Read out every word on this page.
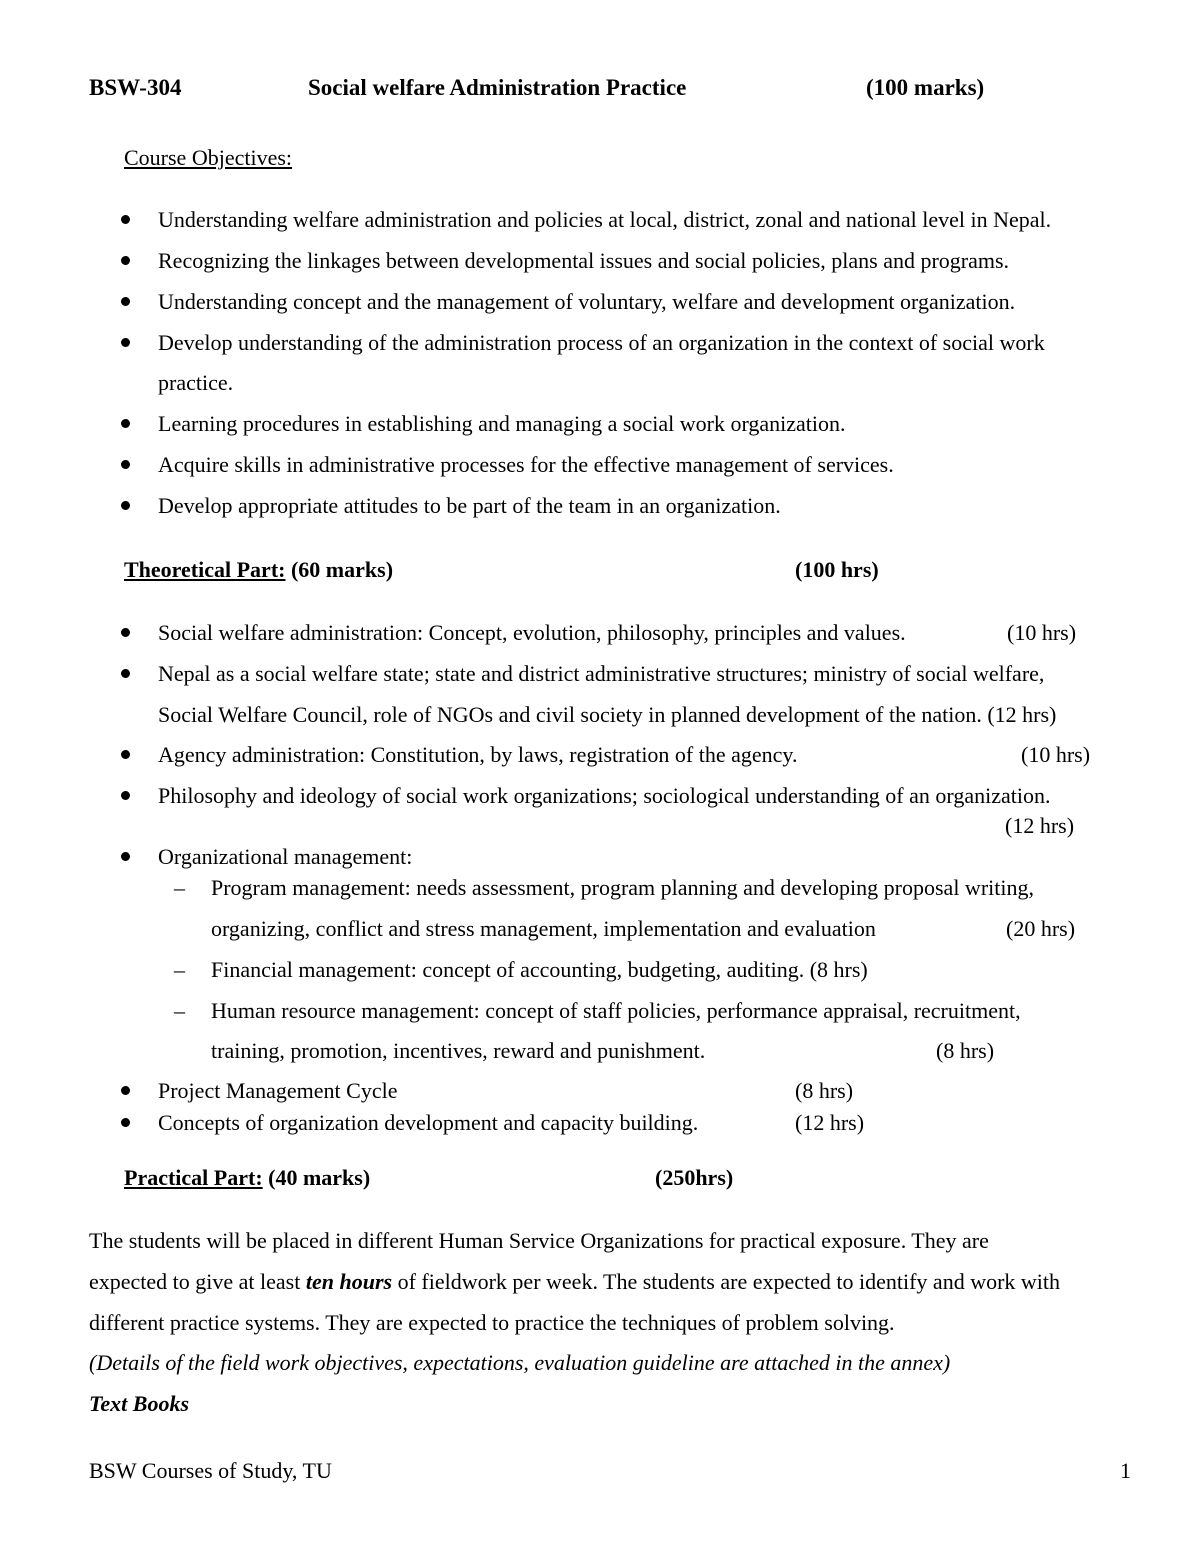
BSW-304	Social welfare Administration Practice	(100 marks)
Course Objectives:
Understanding welfare administration and policies at local, district, zonal and national level in Nepal.
Recognizing the linkages between developmental issues and social policies, plans and programs.
Understanding concept and the management of voluntary, welfare and development organization.
Develop understanding of the administration process of an organization in the context of social work
practice.
Learning procedures in establishing and managing a social work organization.
Acquire skills in administrative processes for the effective management of services.
Develop appropriate attitudes to be part of the team in an organization.
Theoretical Part: (60 marks)	(100 hrs)
Social welfare administration: Concept, evolution, philosophy, principles and values.	(10 hrs)
Nepal as a social welfare state; state and district administrative structures; ministry of social welfare,
Social Welfare Council, role of NGOs and civil society in planned development of the nation. (12 hrs)
Agency administration: Constitution, by laws, registration of the agency.	(10 hrs)
Philosophy and ideology of social work organizations; sociological understanding of an organization.
(12 hrs)
Organizational management:
– Program management: needs assessment, program planning and developing proposal writing,
organizing, conflict and stress management, implementation and evaluation	(20 hrs)
– Financial management: concept of accounting, budgeting, auditing. (8 hrs)
– Human resource management: concept of staff policies, performance appraisal, recruitment,
training, promotion, incentives, reward and punishment.	(8 hrs)
Project Management Cycle	(8 hrs)
Concepts of organization development and capacity building.	(12 hrs)
Practical Part: (40 marks)	(250hrs)
The students will be placed in different Human Service Organizations for practical exposure. They are
expected to give at least ten hours of fieldwork per week. The students are expected to identify and work with
different practice systems. They are expected to practice the techniques of problem solving.
(Details of the field work objectives, expectations, evaluation guideline are attached in the annex)
Text Books
BSW Courses of Study, TU	1
